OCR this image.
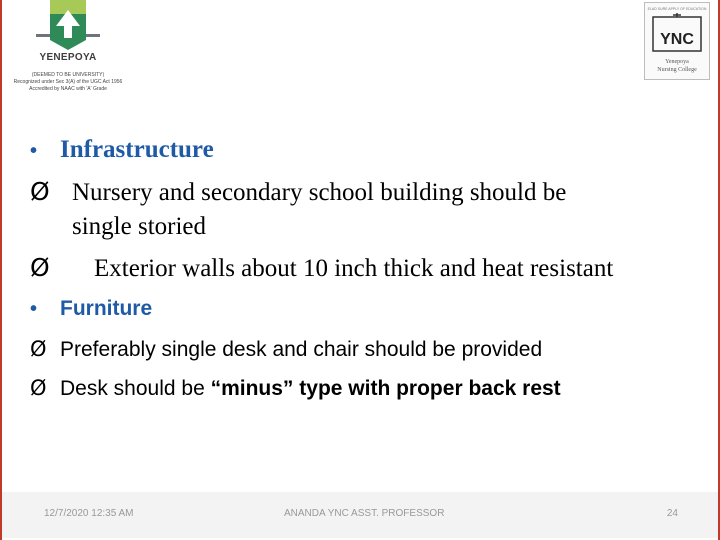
YENEPOYA
(DEEMED TO BE UNIVERSITY)
Recognized under Sec 3(A) of the UGC Act 1956
Accredited by NAAC with 'A' Grade
ELAD SURE APPLY OF EDUCATION
YNC
Yenepoya
Nursing College
• Infrastructure
Ø Nursery and secondary school building should be
single storied
Ø Exterior walls about 10 inch thick and heat resistant
• Furniture
Ø Preferably single desk and chair should be provided
Ø Desk should be “minus” type with proper back rest
12/7/2020 12:35 AM	ANANDA YNC ASST. PROFESSOR	24
